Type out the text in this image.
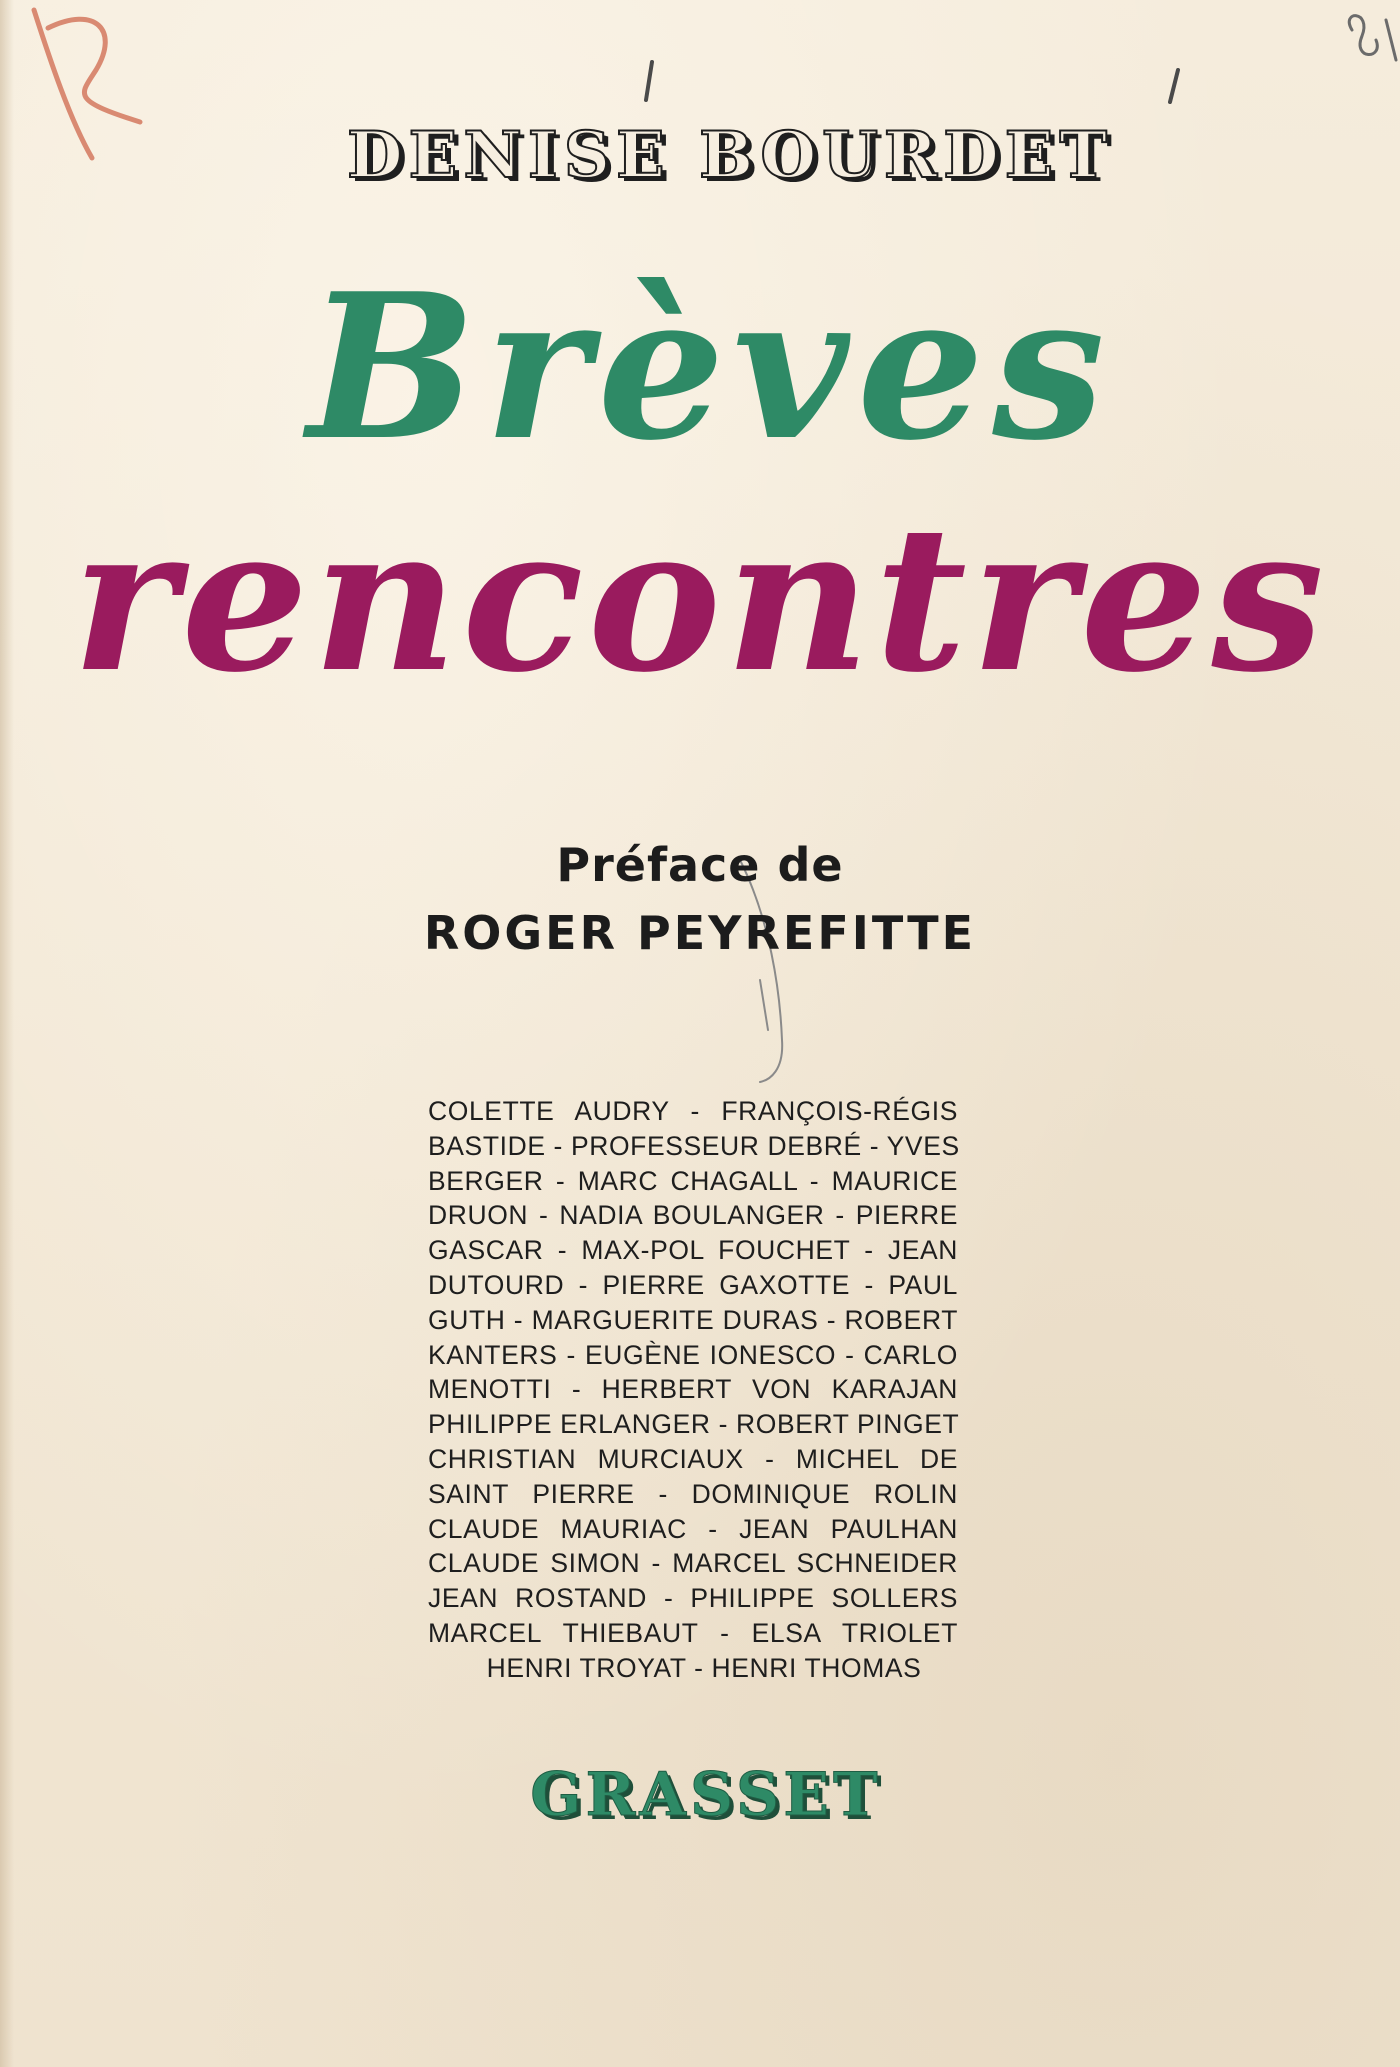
DENISE BOURDET
Brèves
rencontres
Préface de
ROGER PEYREFITTE
COLETTE AUDRY - FRANÇOIS-RÉGIS
BASTIDE - PROFESSEUR DEBRÉ - YVES
BERGER - MARC CHAGALL - MAURICE
DRUON - NADIA BOULANGER - PIERRE
GASCAR - MAX-POL FOUCHET - JEAN
DUTOURD - PIERRE GAXOTTE - PAUL
GUTH - MARGUERITE DURAS - ROBERT
KANTERS - EUGÈNE IONESCO - CARLO
MENOTTI - HERBERT VON KARAJAN
PHILIPPE ERLANGER - ROBERT PINGET
CHRISTIAN MURCIAUX - MICHEL DE
SAINT PIERRE - DOMINIQUE ROLIN
CLAUDE MAURIAC - JEAN PAULHAN
CLAUDE SIMON - MARCEL SCHNEIDER
JEAN ROSTAND - PHILIPPE SOLLERS
MARCEL THIEBAUT - ELSA TRIOLET
HENRI TROYAT - HENRI THOMAS
GRASSET
